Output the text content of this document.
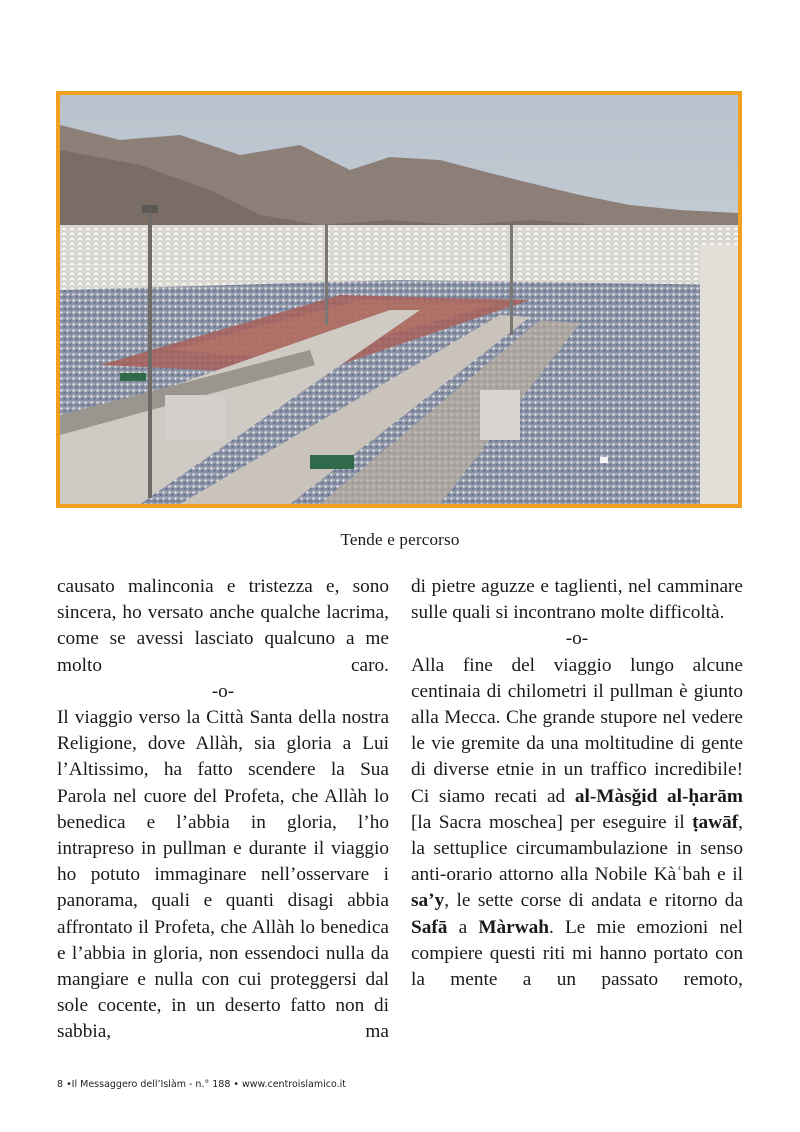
Tende e percorso

causato malinconia e tristezza e, sono sincera, ho versato anche qualche lacrima, come se avessi lasciato qualcuno a me molto caro.

-o-

Il viaggio verso la Città Santa della nostra Religione, dove Allàh, sia gloria a Lui l’Altissimo, ha fatto scendere la Sua Parola nel cuore del Profeta, che Allàh lo benedica e l’abbia in gloria, l’ho intrapreso in pullman e durante il viaggio ho potuto immaginare nell’osservare i panorama, quali e quanti disagi abbia affrontato il Profeta, che Allàh lo benedica e l’abbia in gloria, non essendoci nulla da mangiare e nulla con cui proteggersi dal sole cocente, in un deserto fatto non di sabbia, ma

di pietre aguzze e taglienti, nel camminare sulle quali si incontrano molte difficoltà.

-o-

Alla fine del viaggio lungo alcune centinaia di chilometri il pullman è giunto alla Mecca. Che grande stupore nel vedere le vie gremite da una moltitudine di gente di diverse etnie in un traffico incredibile! Ci siamo recati ad al-Màsǧid al-ḥarām [la Sacra moschea] per eseguire il ṭawāf, la settuplice circumambulazione in senso anti-orario attorno alla Nobile Kàʿbah e il sa’y, le sette corse di andata e ritorno da Safā a Màrwah. Le mie emozioni nel compiere questi riti mi hanno portato con la mente a un passato remoto,

8 •Il Messaggero dell’Islàm - n.° 188 • www.centroislamico.it
